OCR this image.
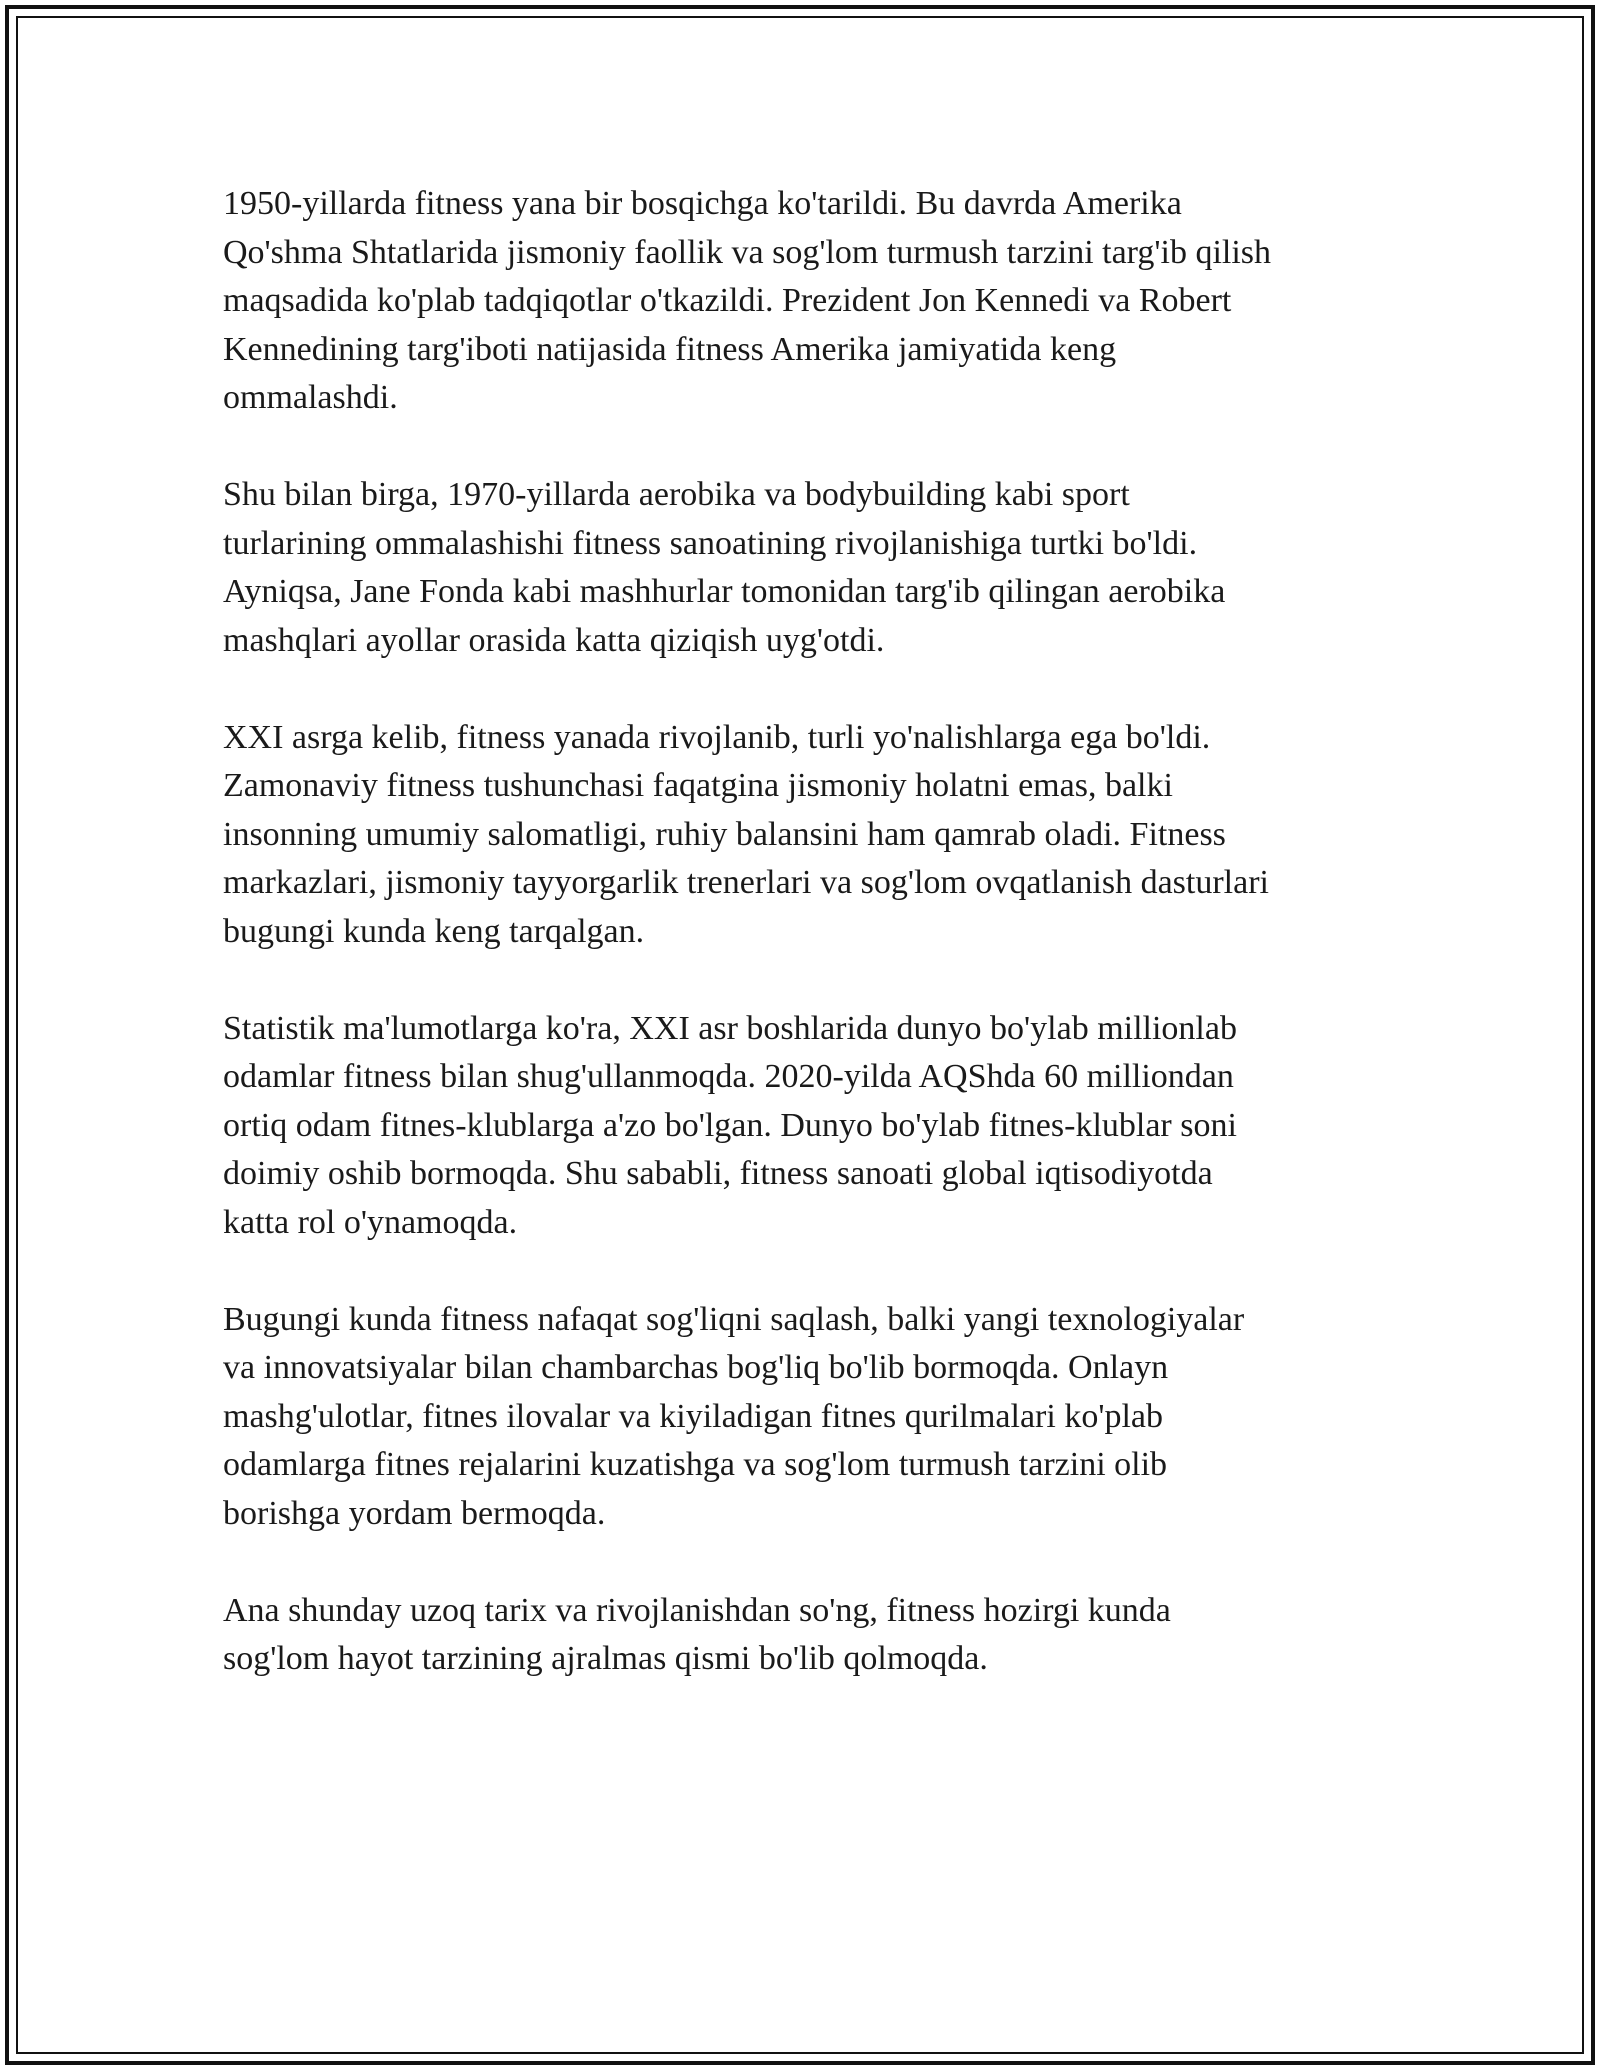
1950-yillarda fitness yana bir bosqichga ko'tarildi. Bu davrda Amerika
Qo'shma Shtatlarida jismoniy faollik va sog'lom turmush tarzini targ'ib qilish
maqsadida ko'plab tadqiqotlar o'tkazildi. Prezident Jon Kennedi va Robert
Kennedining targ'iboti natijasida fitness Amerika jamiyatida keng
ommalashdi.

Shu bilan birga, 1970-yillarda aerobika va bodybuilding kabi sport
turlarining ommalashishi fitness sanoatining rivojlanishiga turtki bo'ldi.
Ayniqsa, Jane Fonda kabi mashhurlar tomonidan targ'ib qilingan aerobika
mashqlari ayollar orasida katta qiziqish uyg'otdi.

XXI asrga kelib, fitness yanada rivojlanib, turli yo'nalishlarga ega bo'ldi.
Zamonaviy fitness tushunchasi faqatgina jismoniy holatni emas, balki
insonning umumiy salomatligi, ruhiy balansini ham qamrab oladi. Fitness
markazlari, jismoniy tayyorgarlik trenerlari va sog'lom ovqatlanish dasturlari
bugungi kunda keng tarqalgan.

Statistik ma'lumotlarga ko'ra, XXI asr boshlarida dunyo bo'ylab millionlab
odamlar fitness bilan shug'ullanmoqda. 2020-yilda AQShda 60 milliondan
ortiq odam fitnes-klublarga a'zo bo'lgan. Dunyo bo'ylab fitnes-klublar soni
doimiy oshib bormoqda. Shu sababli, fitness sanoati global iqtisodiyotda
katta rol o'ynamoqda.

Bugungi kunda fitness nafaqat sog'liqni saqlash, balki yangi texnologiyalar
va innovatsiyalar bilan chambarchas bog'liq bo'lib bormoqda. Onlayn
mashg'ulotlar, fitnes ilovalar va kiyiladigan fitnes qurilmalari ko'plab
odamlarga fitnes rejalarini kuzatishga va sog'lom turmush tarzini olib
borishga yordam bermoqda.

Ana shunday uzoq tarix va rivojlanishdan so'ng, fitness hozirgi kunda
sog'lom hayot tarzining ajralmas qismi bo'lib qolmoqda.
